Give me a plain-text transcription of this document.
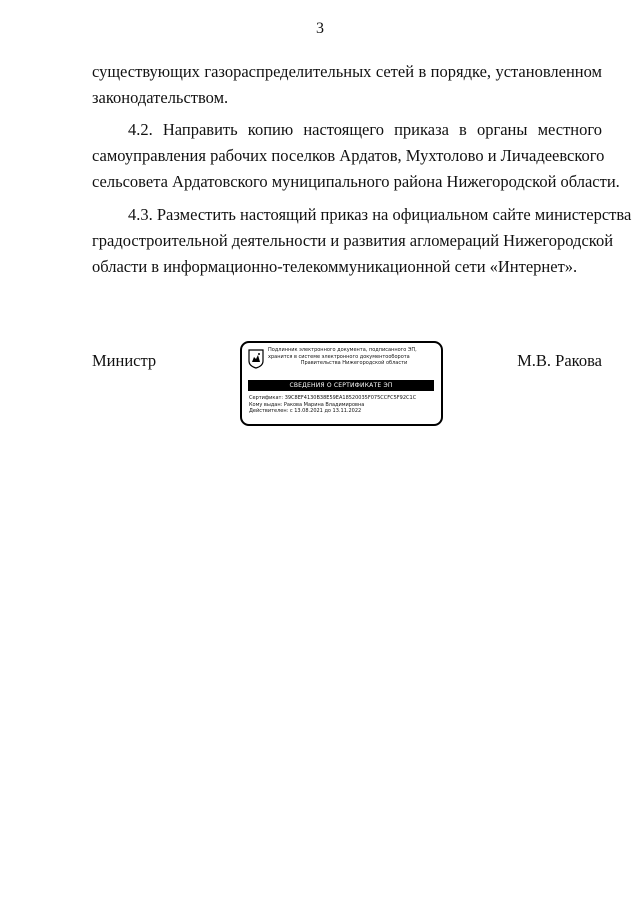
3
существующих газораспределительных сетей в порядке, установленном
законодательством.
4.2. Направить копию настоящего приказа в органы местного
самоуправления рабочих поселков Ардатов, Мухтолово и Личадеевского
сельсовета Ардатовского муниципального района Нижегородской области.
4.3. Разместить настоящий приказ на официальном сайте министерства
градостроительной деятельности и развития агломераций Нижегородской
области в информационно-телекоммуникационной сети «Интернет».
Министр
Подлинник электронного документа, подписанного ЭП,
хранится в системе электронного документооборота
Правительства Нижегородской области
СВЕДЕНИЯ О СЕРТИФИКАТЕ ЭП
Сертификат: 39C8EF4130B38E59EA18520035F075CCFC5F92C1C
Кому выдан: Ракова Марина Владимировна
Действителен: с 13.08.2021 до 13.11.2022
М.В. Ракова
